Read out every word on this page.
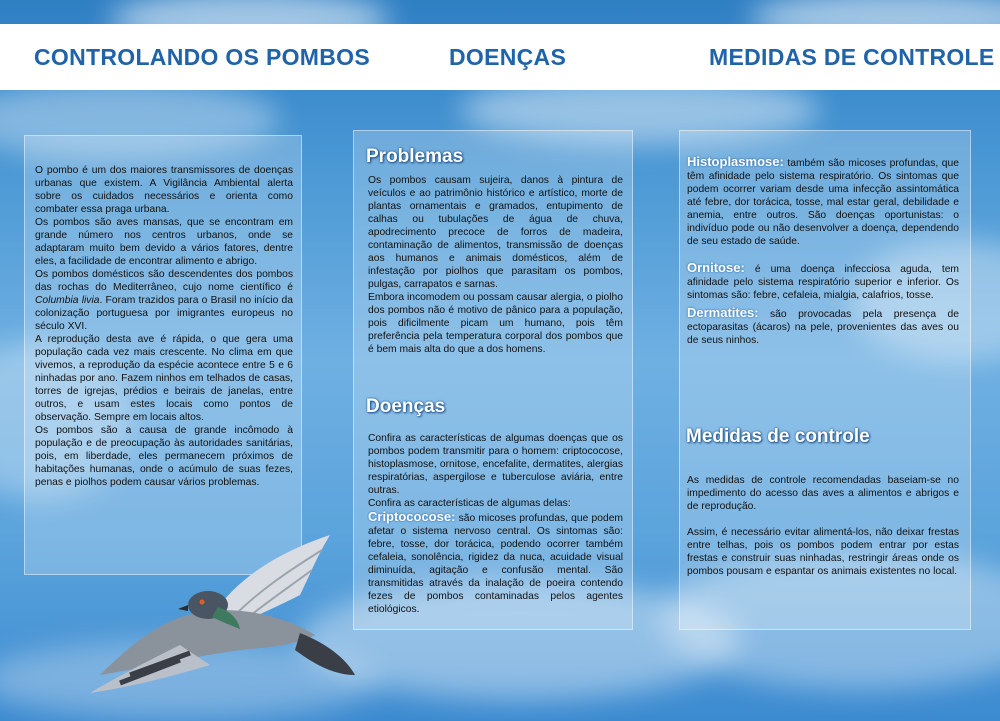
CONTROLANDO OS POMBOS	DOENÇAS	MEDIDAS DE CONTROLE

O pombo é um dos maiores transmissores de doenças urbanas que existem. A Vigilância Ambiental alerta sobre os cuidados necessários e orienta como combater essa praga urbana.

Os pombos são aves mansas, que se encontram em grande número nos centros urbanos, onde se adaptaram muito bem devido a vários fatores, dentre eles, a facilidade de encontrar alimento e abrigo.

Os pombos domésticos são descendentes dos pombos das rochas do Mediterrâneo, cujo nome científico é Columbia livia. Foram trazidos para o Brasil no início da colonização portuguesa por imigrantes europeus no século XVI.

A reprodução desta ave é rápida, o que gera uma população cada vez mais crescente. No clima em que vivemos, a reprodução da espécie acontece entre 5 e 6 ninhadas por ano. Fazem ninhos em telhados de casas, torres de igrejas, prédios e beirais de janelas, entre outros, e usam estes locais como pontos de observação. Sempre em locais altos.

Os pombos são a causa de grande incômodo à população e de preocupação às autoridades sanitárias, pois, em liberdade, eles permanecem próximos de habitações humanas, onde o acúmulo de suas fezes, penas e piolhos podem causar vários problemas.

Problemas

Os pombos causam sujeira, danos à pintura de veículos e ao patrimônio histórico e artístico, morte de plantas ornamentais e gramados, entupimento de calhas ou tubulações de água de chuva, apodrecimento precoce de forros de madeira, contaminação de alimentos, transmissão de doenças aos humanos e animais domésticos, além de infestação por piolhos que parasitam os pombos, pulgas, carrapatos e sarnas.

Embora incomodem ou possam causar alergia, o piolho dos pombos não é motivo de pânico para a população, pois dificilmente picam um humano, pois têm preferência pela temperatura corporal dos pombos que é bem mais alta do que a dos homens.

Doenças

Confira as características de algumas doenças que os pombos podem transmitir para o homem: criptococose, histoplasmose, ornitose, encefalite, dermatites, alergias respiratórias, aspergilose e tuberculose aviária, entre outras.

Confira as características de algumas delas:

Criptococose: são micoses profundas, que podem afetar o sistema nervoso central. Os sintomas são: febre, tosse, dor torácica, podendo ocorrer também cefaleia, sonolência, rigidez da nuca, acuidade visual diminuída, agitação e confusão mental. São transmitidas através da inalação de poeira contendo fezes de pombos contaminadas pelos agentes etiológicos.

Histoplasmose: também são micoses profundas, que têm afinidade pelo sistema respiratório. Os sintomas que podem ocorrer variam desde uma infecção assintomática até febre, dor torácica, tosse, mal estar geral, debilidade e anemia, entre outros. São doenças oportunistas: o indivíduo pode ou não desenvolver a doença, dependendo de seu estado de saúde.

Ornitose: é uma doença infecciosa aguda, tem afinidade pelo sistema respiratório superior e inferior. Os sintomas são: febre, cefaleia, mialgia, calafrios, tosse.

Dermatites: são provocadas pela presença de ectoparasitas (ácaros) na pele, provenientes das aves ou de seus ninhos.

Medidas de controle

As medidas de controle recomendadas baseiam-se no impedimento do acesso das aves a alimentos e abrigos e de reprodução.

Assim, é necessário evitar alimentá-los, não deixar frestas entre telhas, pois os pombos podem entrar por estas frestas e construir suas ninhadas, restringir áreas onde os pombos pousam e espantar os animais existentes no local.
